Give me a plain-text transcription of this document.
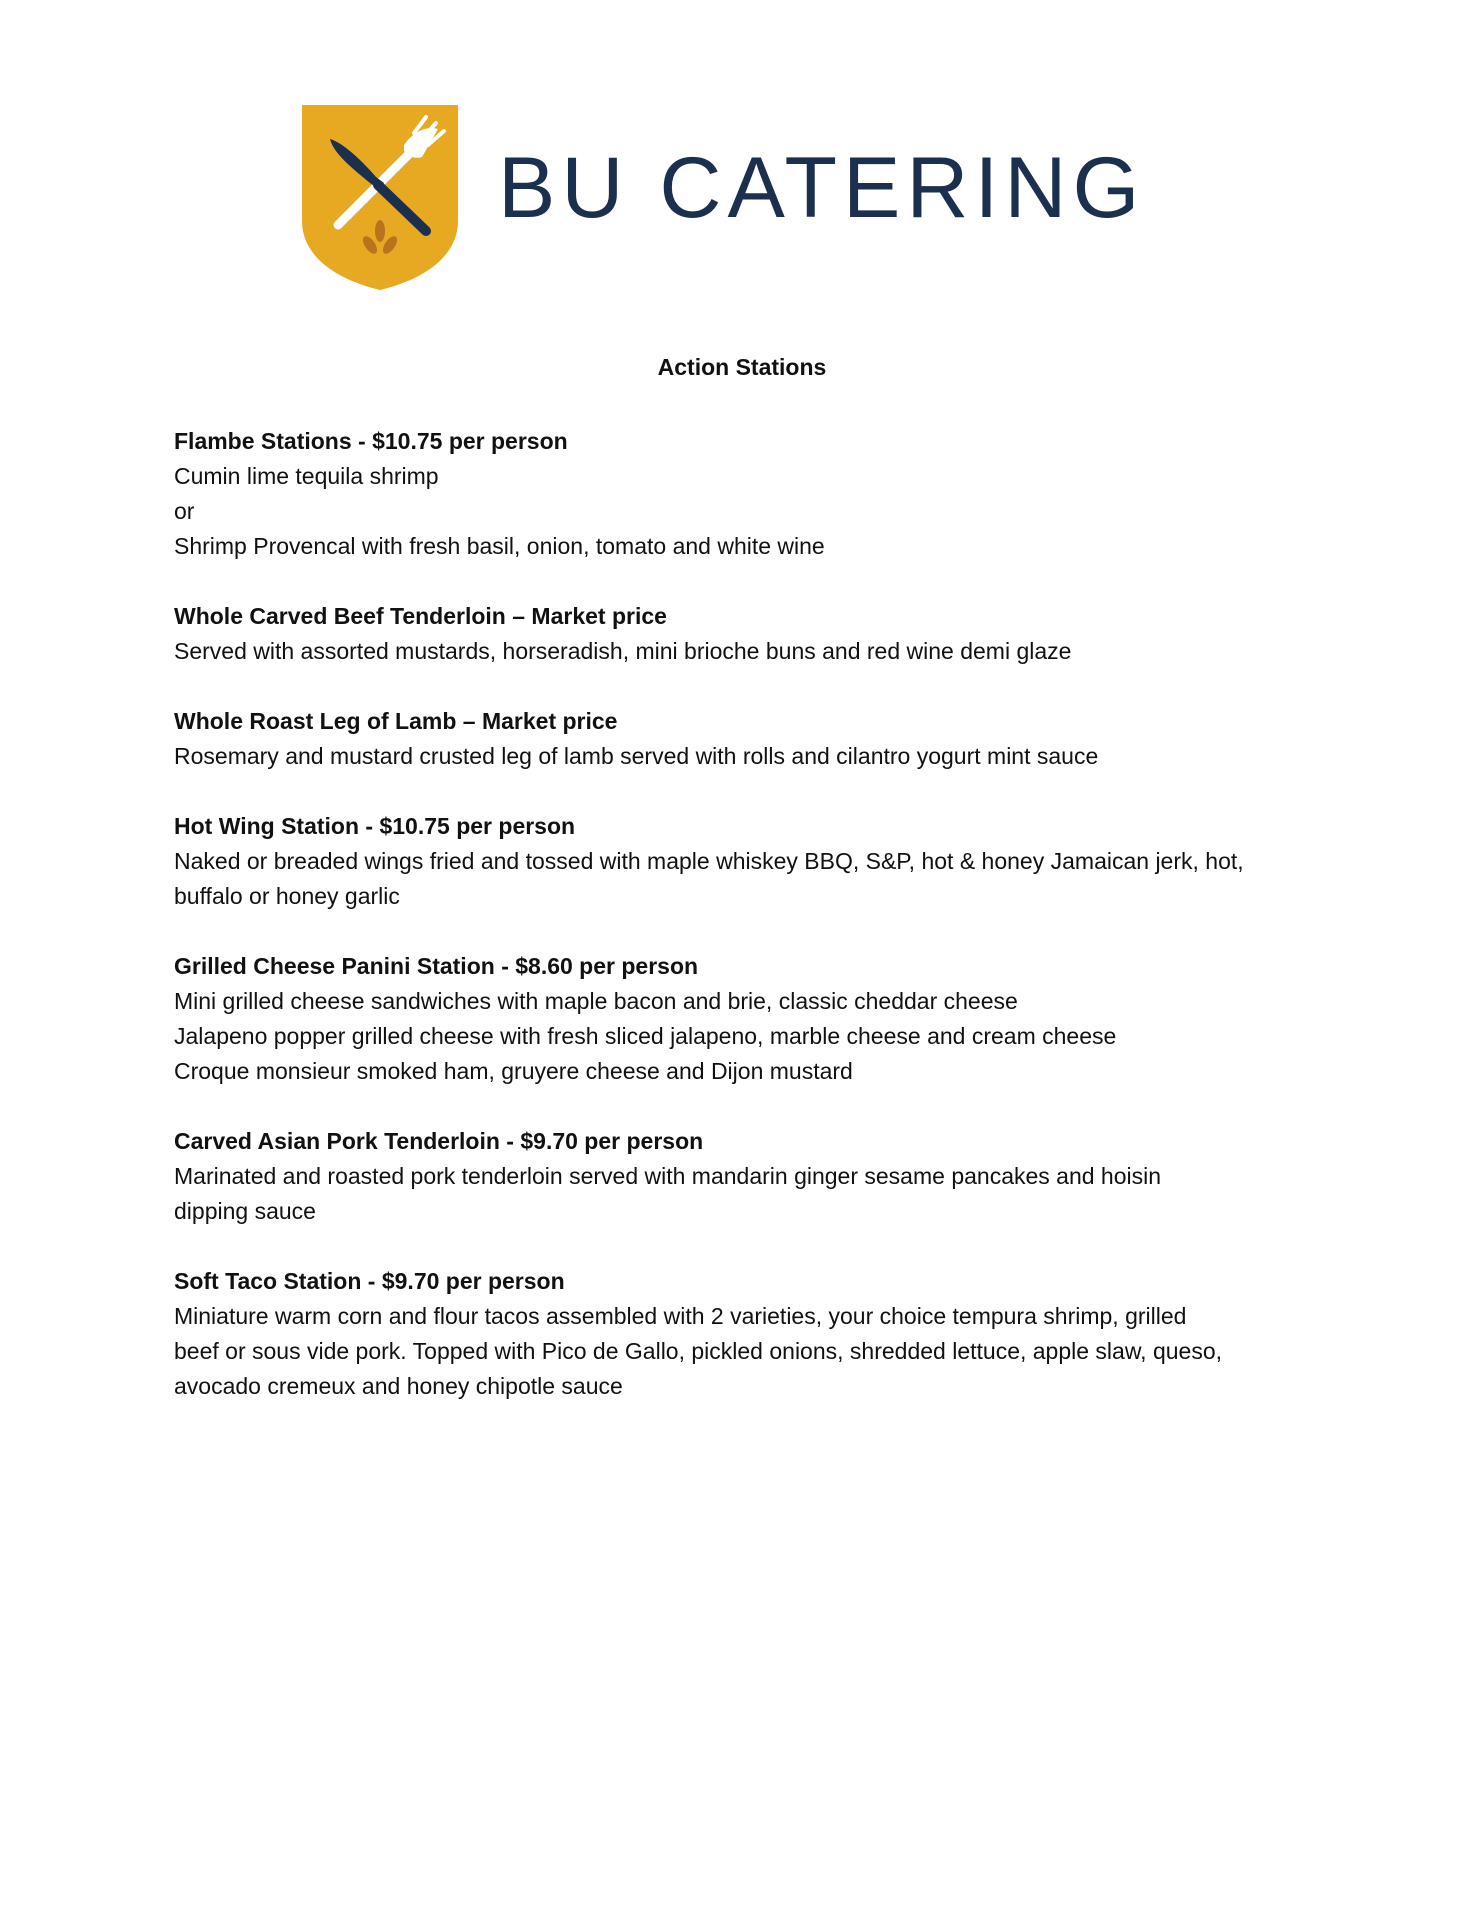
BU CATERING
Action Stations
Flambe Stations - $10.75 per person
Cumin lime tequila shrimp
or
Shrimp Provencal with fresh basil, onion, tomato and white wine
Whole Carved Beef Tenderloin – Market price
Served with assorted mustards, horseradish, mini brioche buns and red wine demi glaze
Whole Roast Leg of Lamb – Market price
Rosemary and mustard crusted leg of lamb served with rolls and cilantro yogurt mint sauce
Hot Wing Station - $10.75 per person
Naked or breaded wings fried and tossed with maple whiskey BBQ, S&P, hot & honey Jamaican jerk, hot,
buffalo or honey garlic
Grilled Cheese Panini Station - $8.60 per person
Mini grilled cheese sandwiches with maple bacon and brie, classic cheddar cheese
Jalapeno popper grilled cheese with fresh sliced jalapeno, marble cheese and cream cheese
Croque monsieur smoked ham, gruyere cheese and Dijon mustard
Carved Asian Pork Tenderloin - $9.70 per person
Marinated and roasted pork tenderloin served with mandarin ginger sesame pancakes and hoisin
dipping sauce
Soft Taco Station - $9.70 per person
Miniature warm corn and flour tacos assembled with 2 varieties, your choice tempura shrimp, grilled
beef or sous vide pork. Topped with Pico de Gallo, pickled onions, shredded lettuce, apple slaw, queso,
avocado cremeux and honey chipotle sauce
